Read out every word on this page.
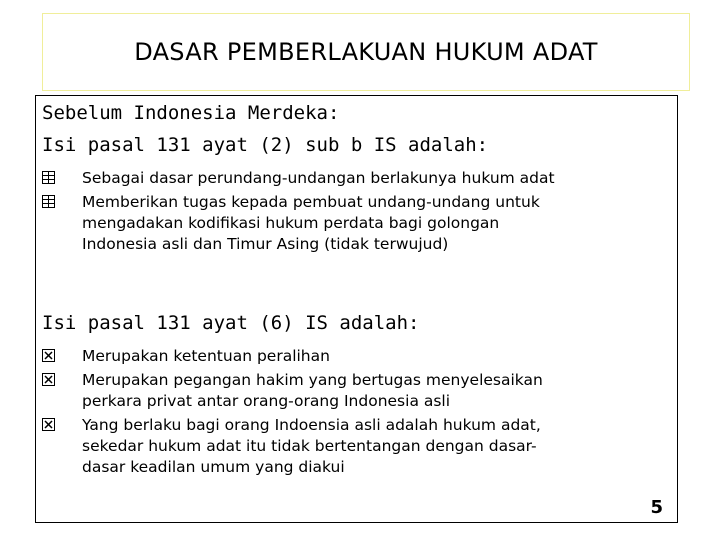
DASAR PEMBERLAKUAN HUKUM ADAT

Sebelum Indonesia Merdeka:

Isi pasal 131 ayat (2) sub b IS adalah:

Sebagai dasar perundang-undangan berlakunya hukum adat
Memberikan tugas kepada pembuat undang-undang untuk
mengadakan kodifikasi hukum perdata bagi golongan
Indonesia asli dan Timur Asing (tidak terwujud)

Isi pasal 131 ayat (6) IS adalah:

Merupakan ketentuan peralihan
Merupakan pegangan hakim yang bertugas menyelesaikan
perkara privat antar orang-orang Indonesia asli
Yang berlaku bagi orang Indoensia asli adalah hukum adat,
sekedar hukum adat itu tidak bertentangan dengan dasar-
dasar keadilan umum yang diakui
5
